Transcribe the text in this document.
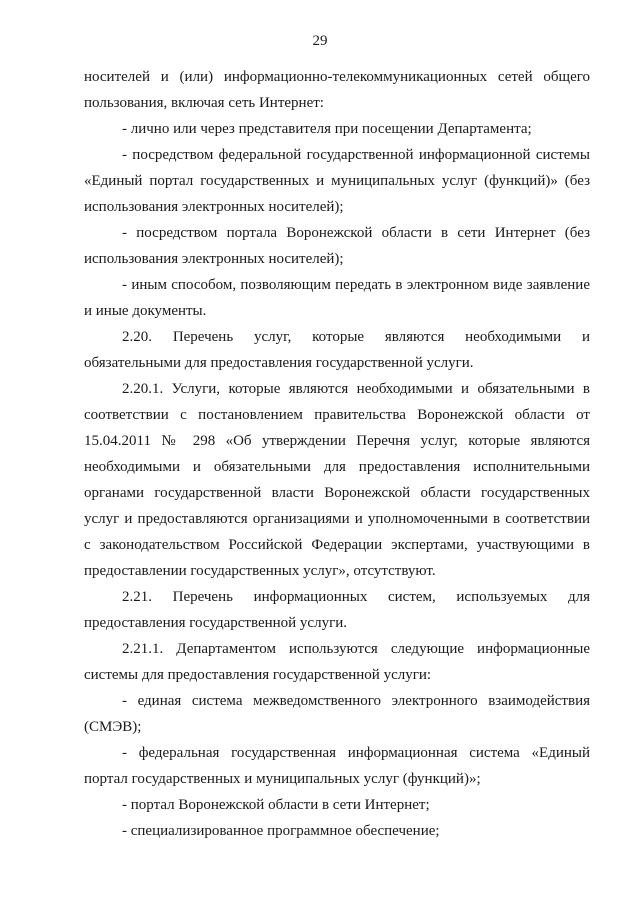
29
носителей и (или) информационно-телекоммуникационных сетей общего
пользования, включая сеть Интернет:
- лично или через представителя при посещении Департамента;
- посредством федеральной государственной информационной системы
«Единый портал государственных и муниципальных услуг (функций)» (без
использования электронных носителей);
- посредством портала Воронежской области в сети Интернет (без
использования электронных носителей);
- иным способом, позволяющим передать в электронном виде заявление
и иные документы.
2.20. Перечень услуг, которые являются необходимыми и
обязательными для предоставления государственной услуги.
2.20.1. Услуги, которые являются необходимыми и обязательными в
соответствии с постановлением правительства Воронежской области от
15.04.2011 № 298 «Об утверждении Перечня услуг, которые являются
необходимыми и обязательными для предоставления исполнительными
органами государственной власти Воронежской области государственных
услуг и предоставляются организациями и уполномоченными в соответствии
с законодательством Российской Федерации экспертами, участвующими в
предоставлении государственных услуг», отсутствуют.
2.21. Перечень информационных систем, используемых для
предоставления государственной услуги.
2.21.1. Департаментом используются следующие информационные
системы для предоставления государственной услуги:
- единая система межведомственного электронного взаимодействия
(СМЭВ);
- федеральная государственная информационная система «Единый
портал государственных и муниципальных услуг (функций)»;
- портал Воронежской области в сети Интернет;
- специализированное программное обеспечение;
